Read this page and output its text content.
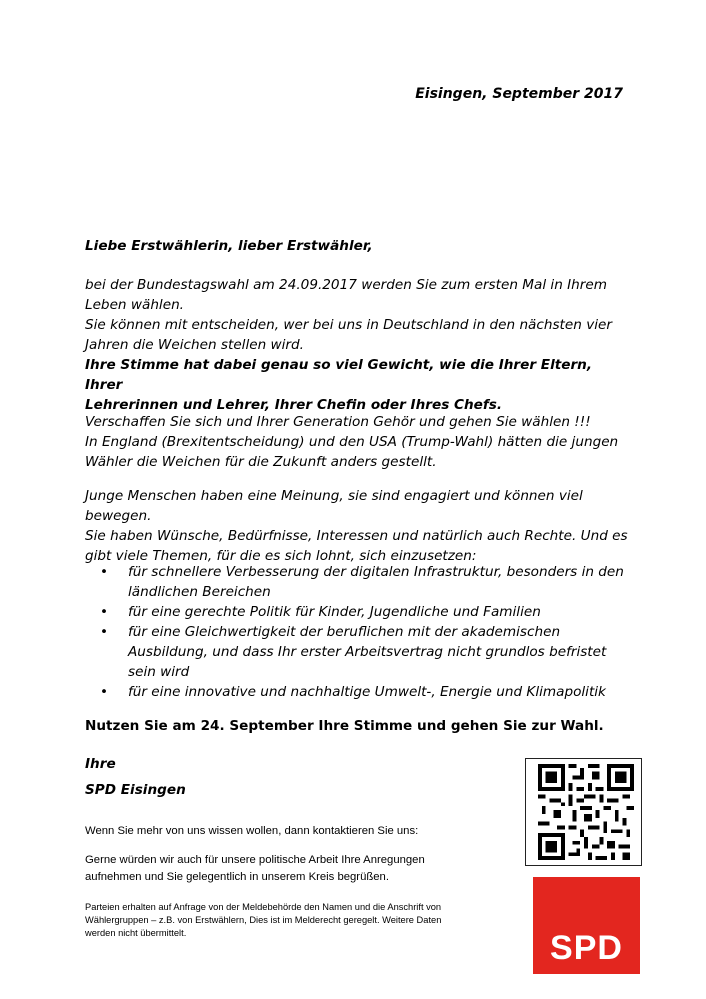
Eisingen, September 2017
Liebe Erstwählerin, lieber Erstwähler,
bei der Bundestagswahl am 24.09.2017 werden Sie zum ersten Mal in Ihrem
Leben wählen.
Sie können mit entscheiden, wer bei uns in Deutschland in den nächsten vier
Jahren die Weichen stellen wird.
Ihre Stimme hat dabei genau so viel Gewicht, wie die Ihrer Eltern, Ihrer
Lehrerinnen und Lehrer, Ihrer Chefin oder Ihres Chefs.
Verschaffen Sie sich und Ihrer Generation Gehör und gehen Sie wählen !!!
In England (Brexitentscheidung) und den USA (Trump-Wahl) hätten die jungen
Wähler die Weichen für die Zukunft anders gestellt.
Junge Menschen haben eine Meinung, sie sind engagiert und können viel bewegen.
Sie haben Wünsche, Bedürfnisse, Interessen und natürlich auch Rechte. Und es
gibt viele Themen, für die es sich lohnt, sich einzusetzen:
• für schnellere Verbesserung der digitalen Infrastruktur, besonders in den
ländlichen Bereichen
• für eine gerechte Politik für Kinder, Jugendliche und Familien
• für eine Gleichwertigkeit der beruflichen mit der akademischen
Ausbildung, und dass Ihr erster Arbeitsvertrag nicht grundlos befristet
sein wird
• für eine innovative und nachhaltige Umwelt-, Energie und Klimapolitik
Nutzen Sie am 24. September Ihre Stimme und gehen Sie zur Wahl.
Ihre
SPD Eisingen
Wenn Sie mehr von uns wissen wollen, dann kontaktieren Sie uns:
Gerne würden wir auch für unsere politische Arbeit Ihre Anregungen
aufnehmen und Sie gelegentlich in unserem Kreis begrüßen.
Parteien erhalten auf Anfrage von der Meldebehörde den Namen und die Anschrift von
Wählergruppen – z.B. von Erstwählern, Dies ist im Melderecht geregelt. Weitere Daten
werden nicht übermittelt.	SPD
